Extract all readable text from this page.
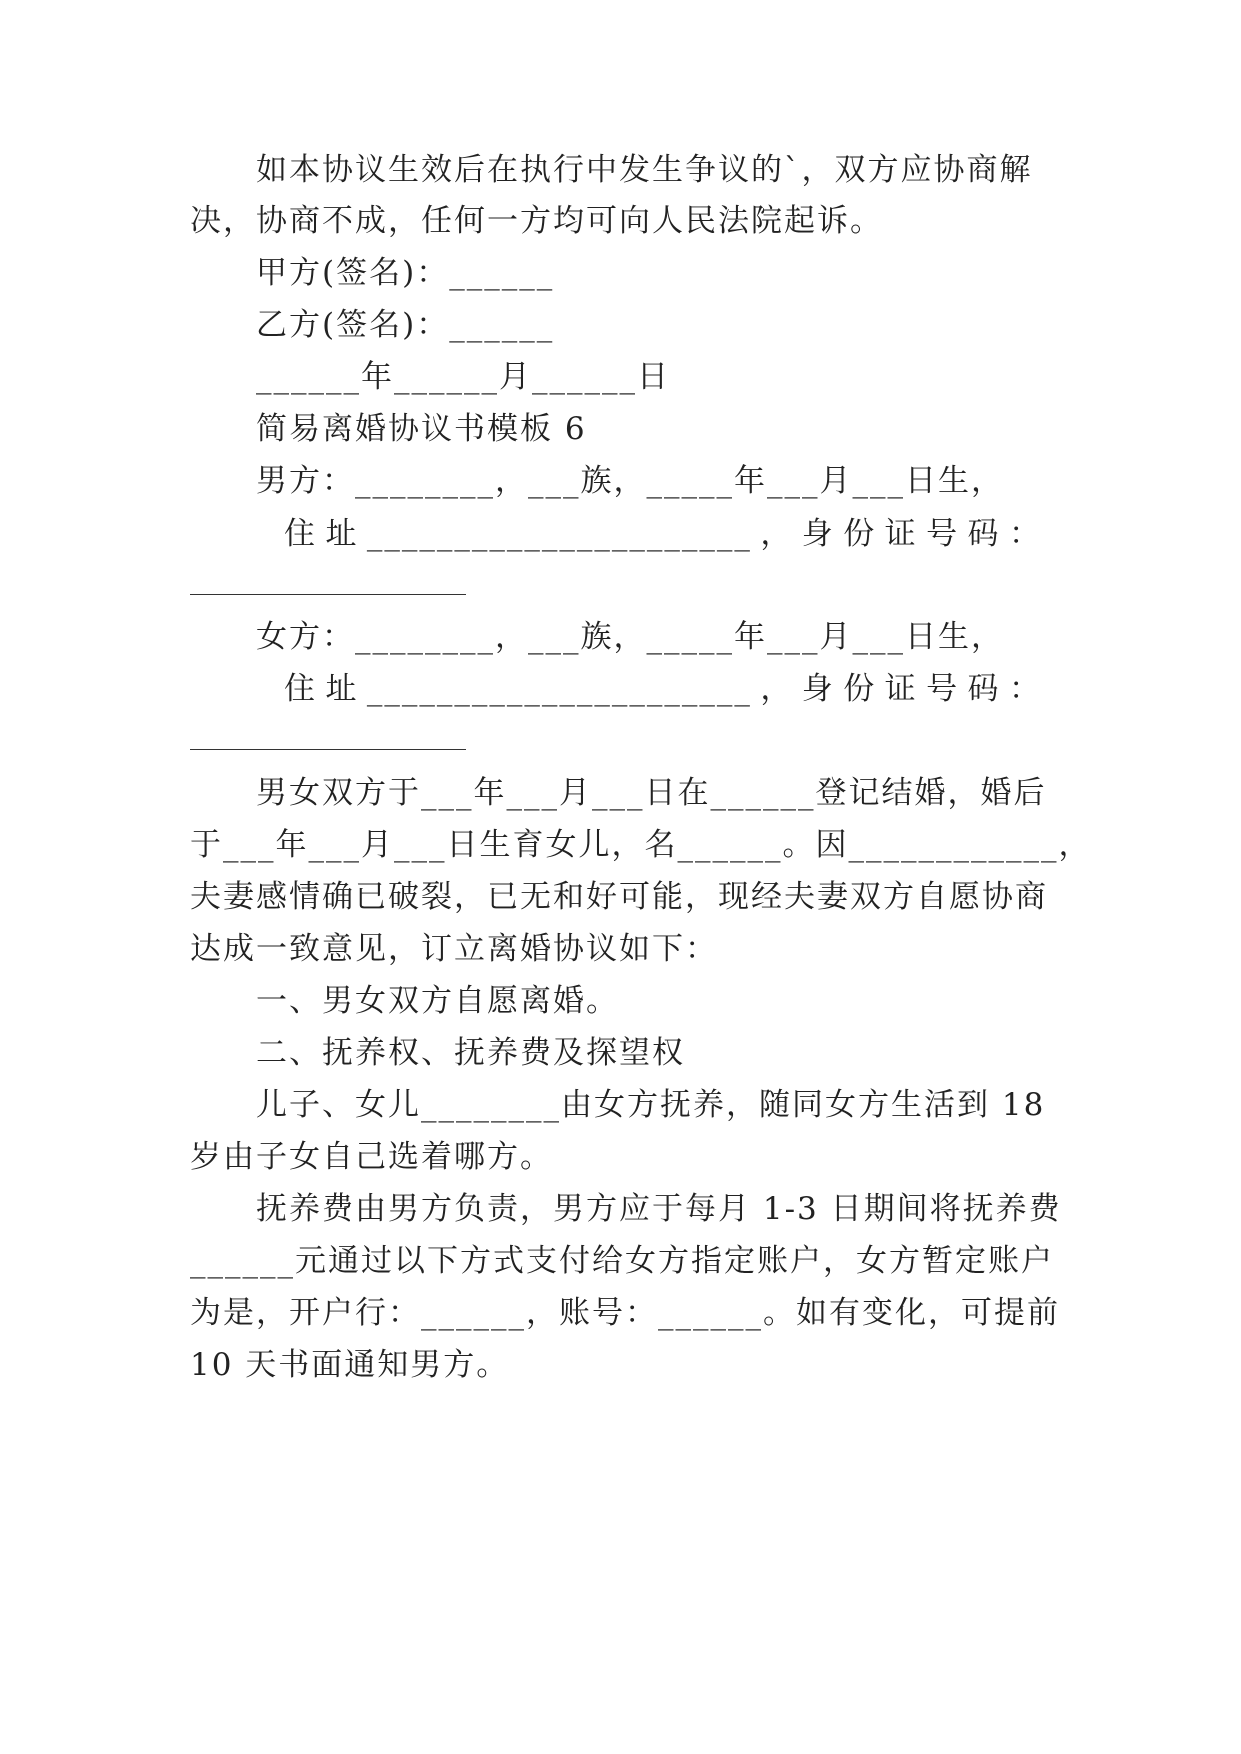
如本协议生效后在执行中发生争议的`，双方应协商解

决，协商不成，任何一方均可向人民法院起诉。

甲方(签名)：______

乙方(签名)：______

______年______月______日

简易离婚协议书模板 6

男方：________，___族，_____年___月___日生，

住 址 ______________________ ， 身 份 证 号 码 ：

女方：________，___族，_____年___月___日生，

住 址 ______________________ ， 身 份 证 号 码 ：

男女双方于___年___月___日在______登记结婚，婚后

于___年___月___日生育女儿，名______。因____________，

夫妻感情确已破裂，已无和好可能，现经夫妻双方自愿协商

达成一致意见，订立离婚协议如下：

一、男女双方自愿离婚。

二、抚养权、抚养费及探望权

儿子、女儿________由女方抚养，随同女方生活到 18

岁由子女自己选着哪方。

抚养费由男方负责，男方应于每月 1-3 日期间将抚养费

______元通过以下方式支付给女方指定账户，女方暂定账户

为是，开户行：______，账号：______。如有变化，可提前

10 天书面通知男方。
